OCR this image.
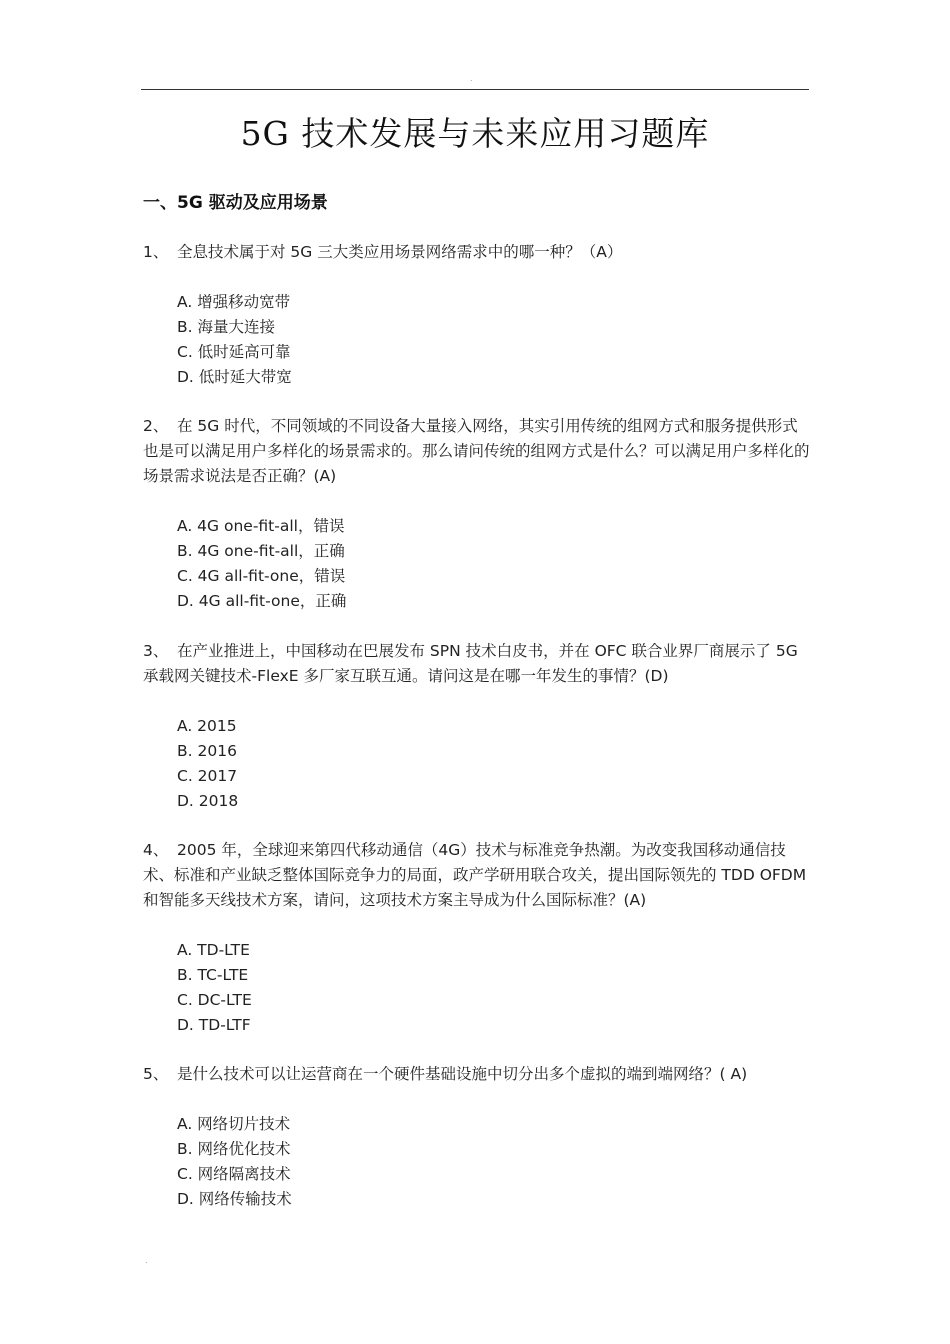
.
5G 技术发展与未来应用习题库
一、5G 驱动及应用场景
1、 全息技术属于对 5G 三大类应用场景网络需求中的哪一种？（A）
A. 增强移动宽带
B. 海量大连接
C. 低时延高可靠
D. 低时延大带宽
2、 在 5G 时代，不同领域的不同设备大量接入网络，其实引用传统的组网方式和服务提供形式也是可以满足用户多样化的场景需求的。那么请问传统的组网方式是什么？可以满足用户多样化的场景需求说法是否正确？(A)
A. 4G one-fit-all，错误
B. 4G one-fit-all，正确
C. 4G all-fit-one，错误
D. 4G all-fit-one，正确
3、 在产业推进上，中国移动在巴展发布 SPN 技术白皮书，并在 OFC 联合业界厂商展示了 5G 承载网关键技术-FlexE 多厂家互联互通。请问这是在哪一年发生的事情？(D)
A. 2015
B. 2016
C. 2017
D. 2018
4、 2005 年，全球迎来第四代移动通信（4G）技术与标准竞争热潮。为改变我国移动通信技术、标准和产业缺乏整体国际竞争力的局面，政产学研用联合攻关，提出国际领先的 TDD OFDM 和智能多天线技术方案，请问，这项技术方案主导成为什么国际标准？(A)
A. TD-LTE
B. TC-LTE
C. DC-LTE
D. TD-LTF
5、 是什么技术可以让运营商在一个硬件基础设施中切分出多个虚拟的端到端网络？( A)
A. 网络切片技术
B. 网络优化技术
C. 网络隔离技术
D. 网络传输技术
.
